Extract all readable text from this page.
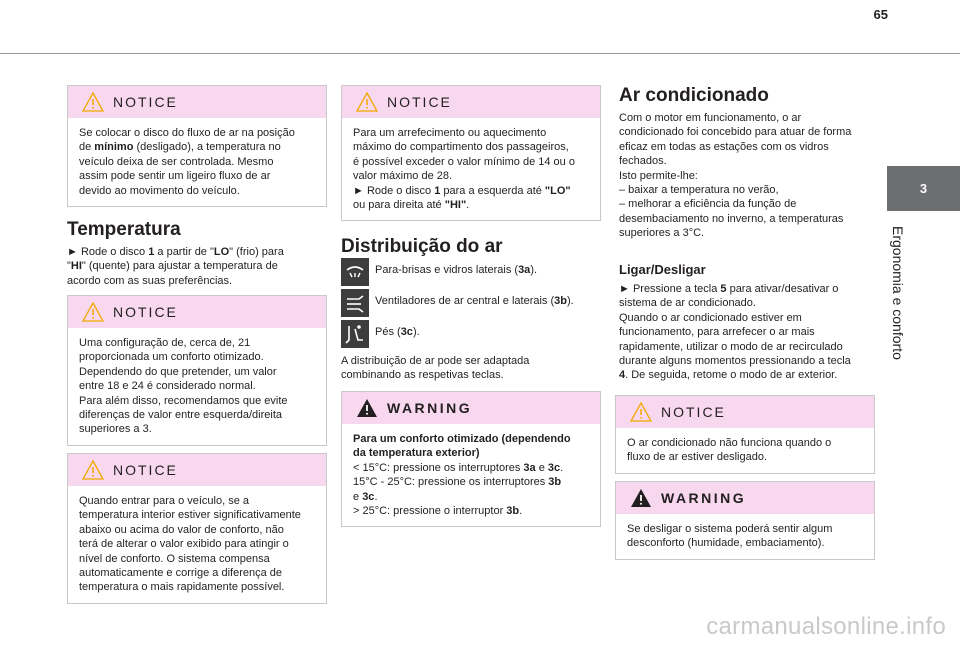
65
3
Ergonomia e conforto
NOTICE
Se colocar o disco do fluxo de ar na posição
de mínimo (desligado), a temperatura no
veículo deixa de ser controlada. Mesmo
assim pode sentir um ligeiro fluxo de ar
devido ao movimento do veículo.
Temperatura
► Rode o disco 1 a partir de "LO" (frio) para
"HI" (quente) para ajustar a temperatura de
acordo com as suas preferências.
NOTICE
Uma configuração de, cerca de, 21
proporcionada um conforto otimizado.
Dependendo do que pretender, um valor
entre 18 e 24 é considerado normal.
Para além disso, recomendamos que evite
diferenças de valor entre esquerda/direita
superiores a 3.
NOTICE
Quando entrar para o veículo, se a
temperatura interior estiver significativamente
abaixo ou acima do valor de conforto, não
terá de alterar o valor exibido para atingir o
nível de conforto. O sistema compensa
automaticamente e corrige a diferença de
temperatura o mais rapidamente possível.
NOTICE
Para um arrefecimento ou aquecimento
máximo do compartimento dos passageiros,
é possível exceder o valor mínimo de 14 ou o
valor máximo de 28.
► Rode o disco 1 para a esquerda até "LO"
ou para direita até "HI".
Distribuição do ar
Para-brisas e vidros laterais (3a).
Ventiladores de ar central e laterais (3b).
Pés (3c).
A distribuição de ar pode ser adaptada
combinando as respetivas teclas.
WARNING
Para um conforto otimizado (dependendo
da temperatura exterior)
< 15°C: pressione os interruptores 3a e 3c.
15°C - 25°C: pressione os interruptores 3b
e 3c.
> 25°C: pressione o interruptor 3b.
Ar condicionado
Com o motor em funcionamento, o ar
condicionado foi concebido para atuar de forma
eficaz em todas as estações com os vidros
fechados.
Isto permite-lhe:
– baixar a temperatura no verão,
– melhorar a eficiência da função de
desembaciamento no inverno, a temperaturas
superiores a 3°C.
Ligar/Desligar
► Pressione a tecla 5 para ativar/desativar o
sistema de ar condicionado.
Quando o ar condicionado estiver em
funcionamento, para arrefecer o ar mais
rapidamente, utilizar o modo de ar recirculado
durante alguns momentos pressionando a tecla
4. De seguida, retome o modo de ar exterior.
NOTICE
O ar condicionado não funciona quando o
fluxo de ar estiver desligado.
WARNING
Se desligar o sistema poderá sentir algum
desconforto (humidade, embaciamento).
carmanualsonline.info
